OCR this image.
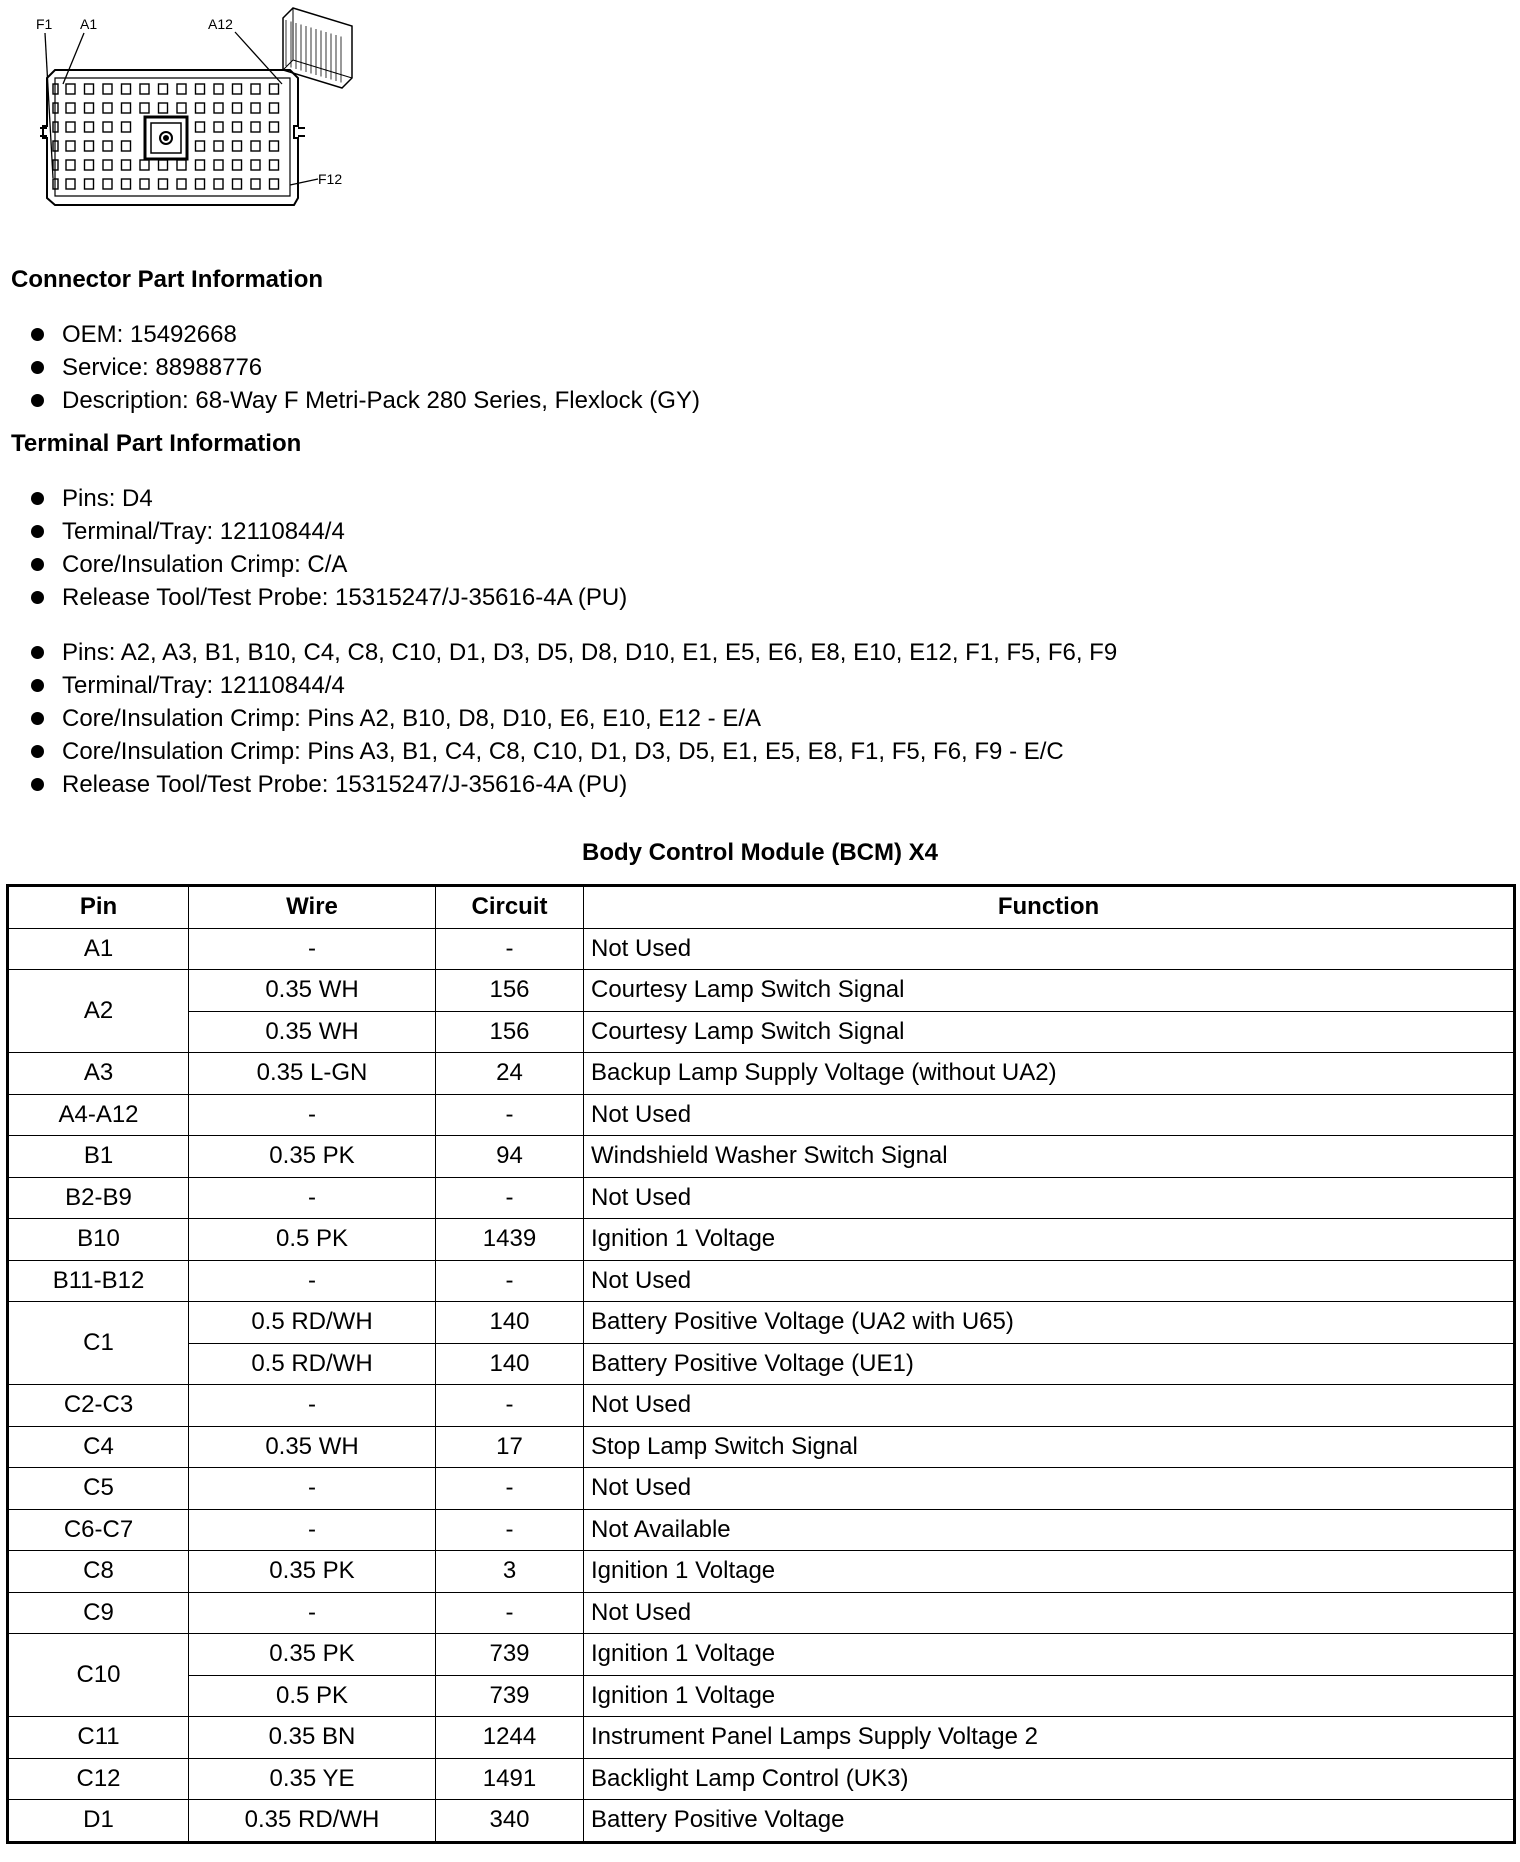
F1 A1	A12
F12
Connector Part Information
OEM: 15492668
Service: 88988776
Description: 68-Way F Metri-Pack 280 Series, Flexlock (GY)
Terminal Part Information
Pins: D4
Terminal/Tray: 12110844/4
Core/Insulation Crimp: C/A
Release Tool/Test Probe: 15315247/J-35616-4A (PU)
Pins: A2, A3, B1, B10, C4, C8, C10, D1, D3, D5, D8, D10, E1, E5, E6, E8, E10, E12, F1, F5, F6, F9
Terminal/Tray: 12110844/4
Core/Insulation Crimp: Pins A2, B10, D8, D10, E6, E10, E12 - E/A
Core/Insulation Crimp: Pins A3, B1, C4, C8, C10, D1, D3, D5, E1, E5, E8, F1, F5, F6, F9 - E/C
Release Tool/Test Probe: 15315247/J-35616-4A (PU)
Body Control Module (BCM) X4
Pin	Wire	Circuit	Function
A1	-	-	Not Used
A2	0.35 WH	156	Courtesy Lamp Switch Signal
	0.35 WH	156	Courtesy Lamp Switch Signal
A3	0.35 L-GN	24	Backup Lamp Supply Voltage (without UA2)
A4-A12	-	-	Not Used
B1	0.35 PK	94	Windshield Washer Switch Signal
B2-B9	-	-	Not Used
B10	0.5 PK	1439	Ignition 1 Voltage
B11-B12	-	-	Not Used
C1	0.5 RD/WH	140	Battery Positive Voltage (UA2 with U65)
	0.5 RD/WH	140	Battery Positive Voltage (UE1)
C2-C3	-	-	Not Used
C4	0.35 WH	17	Stop Lamp Switch Signal
C5	-	-	Not Used
C6-C7	-	-	Not Available
C8	0.35 PK	3	Ignition 1 Voltage
C9	-	-	Not Used
C10	0.35 PK	739	Ignition 1 Voltage
	0.5 PK	739	Ignition 1 Voltage
C11	0.35 BN	1244	Instrument Panel Lamps Supply Voltage 2
C12	0.35 YE	1491	Backlight Lamp Control (UK3)
D1	0.35 RD/WH	340	Battery Positive Voltage
